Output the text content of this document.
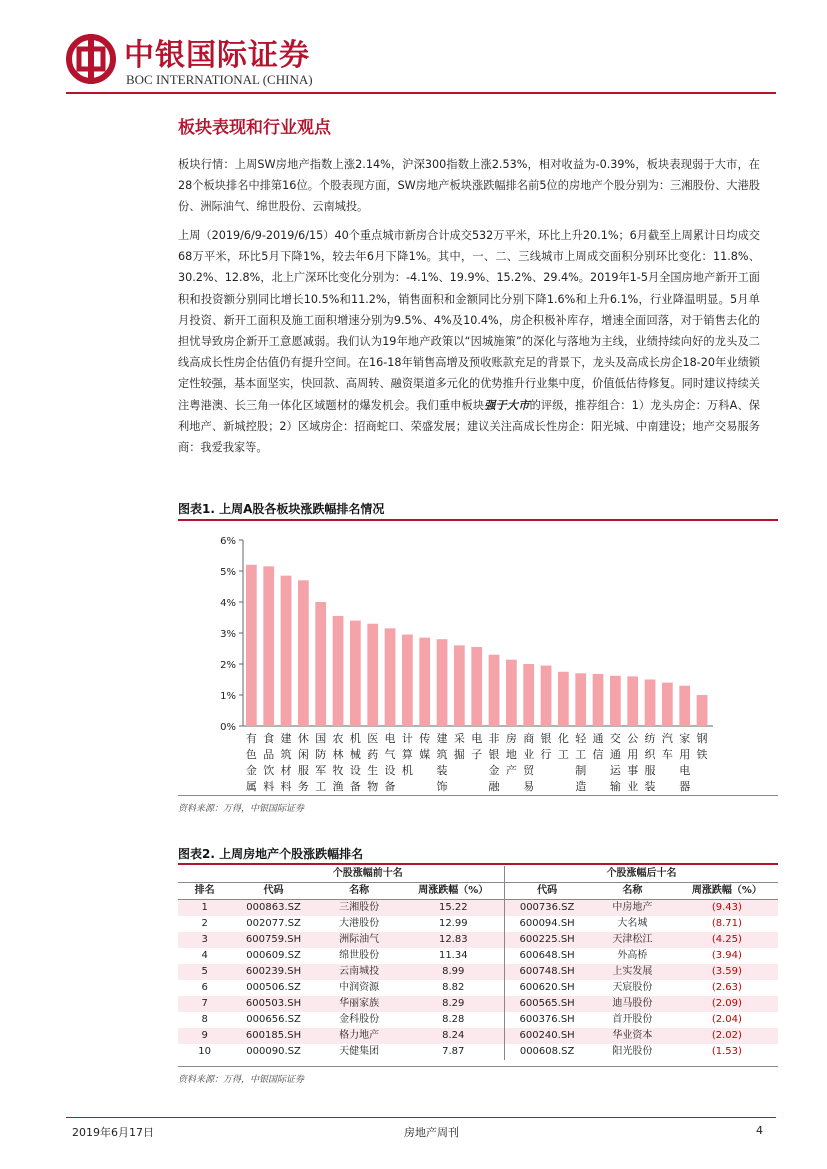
中银国际证券
BOC INTERNATIONAL (CHINA)
板块表现和行业观点
板块行情：上周SW房地产指数上涨2.14%，沪深300指数上涨2.53%，相对收益为-0.39%，板块表现弱于大市，在28个板块排名中排第16位。个股表现方面，SW房地产板块涨跌幅排名前5位的房地产个股分别为：三湘股份、大港股份、洲际油气、绵世股份、云南城投。
上周（2019/6/9-2019/6/15）40个重点城市新房合计成交532万平米，环比上升20.1%；6月截至上周累计日均成交68万平米，环比5月下降1%，较去年6月下降1%。其中，一、二、三线城市上周成交面积分别环比变化：11.8%、30.2%、12.8%，北上广深环比变化分别为：-4.1%、19.9%、15.2%、29.4%。2019年1-5月全国房地产新开工面积和投资额分别同比增长10.5%和11.2%，销售面积和金额同比分别下降1.6%和上升6.1%，行业降温明显。5月单月投资、新开工面积及施工面积增速分别为9.5%、4%及10.4%，房企积极补库存，增速全面回落，对于销售去化的担忧导致房企新开工意愿减弱。我们认为19年地产政策以“因城施策”的深化与落地为主线，业绩持续向好的龙头及二线高成长性房企估值仍有提升空间。在16-18年销售高增及预收账款充足的背景下，龙头及高成长房企18-20年业绩锁定性较强，基本面坚实，快回款、高周转、融资渠道多元化的优势推升行业集中度，价值低估待修复。同时建议持续关注粤港澳、长三角一体化区域题材的爆发机会。我们重申板块强于大市的评级，推荐组合：1）龙头房企：万科A、保利地产、新城控股；2）区域房企：招商蛇口、荣盛发展；建议关注高成长性房企：阳光城、中南建设；地产交易服务商：我爱我家等。
图表1. 上周A股各板块涨跌幅排名情况
0%
1%
2%
3%
4%
5%
6%
有色金属
食品饮料
建筑材料
休闲服务
国防军工
农林牧渔
机械设备
医药生物
电气设备
计算机
传媒
建筑装饰
采掘
电子
非银金融
房地产
商业贸易
银行
化工
轻工制造
通信
交通运输
公用事业
纺织服装
汽车
家用电器
钢铁
资料来源：万得，中银国际证券
图表2. 上周房地产个股涨跌幅排名
	个股涨幅前十名			个股涨幅后十名		
排名	代码	名称	周涨跌幅（%）	代码	名称	周涨跌幅（%）
1	000863.SZ	三湘股份	15.22	000736.SZ	中房地产	(9.43)
2	002077.SZ	大港股份	12.99	600094.SH	大名城	(8.71)
3	600759.SH	洲际油气	12.83	600225.SH	天津松江	(4.25)
4	000609.SZ	绵世股份	11.34	600648.SH	外高桥	(3.94)
5	600239.SH	云南城投	8.99	600748.SH	上实发展	(3.59)
6	000506.SZ	中润资源	8.82	600620.SH	天宸股份	(2.63)
7	600503.SH	华丽家族	8.29	600565.SH	迪马股份	(2.09)
8	000656.SZ	金科股份	8.28	600376.SH	首开股份	(2.04)
9	600185.SH	格力地产	8.24	600240.SH	华业资本	(2.02)
10	000090.SZ	天健集团	7.87	000608.SZ	阳光股份	(1.53)
资料来源：万得，中银国际证券
2019年6月17日	房地产周刊	4
